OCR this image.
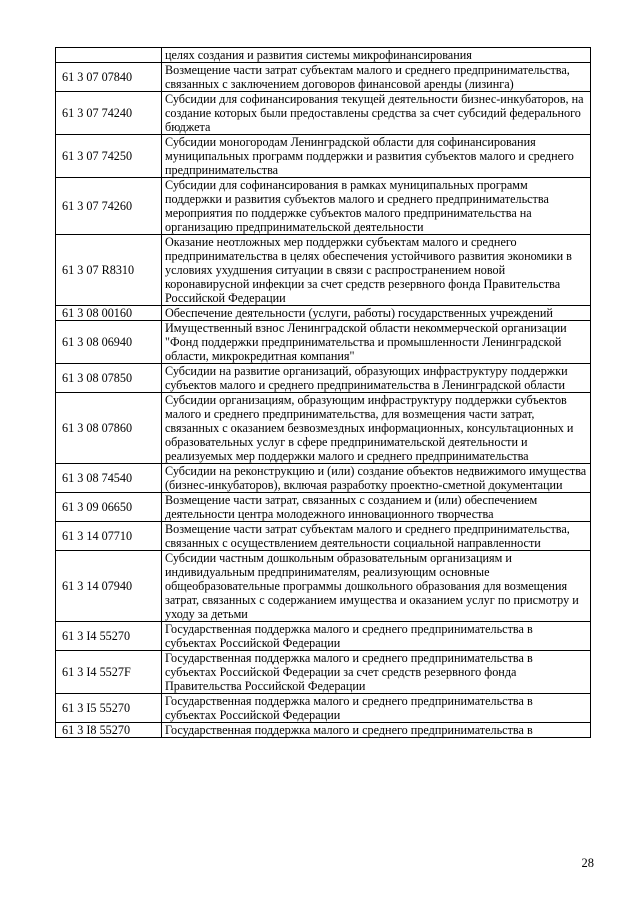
	целях создания и развития системы микрофинансирования
61 3 07 07840	Возмещение части затрат субъектам малого и среднего предпринимательства, связанных с заключением договоров финансовой аренды (лизинга)
61 3 07 74240	Субсидии для софинансирования текущей деятельности бизнес-инкубаторов, на создание которых были предоставлены средства за счет субсидий федерального бюджета
61 3 07 74250	Субсидии моногородам Ленинградской области для софинансирования муниципальных программ поддержки и развития субъектов малого и среднего предпринимательства
61 3 07 74260	Субсидии для софинансирования в рамках муниципальных программ поддержки и развития субъектов малого и среднего предпринимательства мероприятия по поддержке субъектов малого предпринимательства на организацию предпринимательской деятельности
61 3 07 R8310	Оказание неотложных мер поддержки субъектам малого и среднего предпринимательства в целях обеспечения устойчивого развития экономики в условиях ухудшения ситуации в связи с распространением новой коронавирусной инфекции за счет средств резервного фонда Правительства Российской Федерации
61 3 08 00160	Обеспечение деятельности (услуги, работы) государственных учреждений
61 3 08 06940	Имущественный взнос Ленинградской области некоммерческой организации "Фонд поддержки предпринимательства и промышленности Ленинградской области, микрокредитная компания"
61 3 08 07850	Субсидии на развитие организаций, образующих инфраструктуру поддержки субъектов малого и среднего предпринимательства в Ленинградской области
61 3 08 07860	Субсидии организациям, образующим инфраструктуру поддержки субъектов малого и среднего предпринимательства, для возмещения части затрат, связанных с оказанием безвозмездных информационных, консультационных и образовательных услуг в сфере предпринимательской деятельности и реализуемых мер поддержки малого и среднего предпринимательства
61 3 08 74540	Субсидии на реконструкцию и (или) создание объектов недвижимого имущества (бизнес-инкубаторов), включая разработку проектно-сметной документации
61 3 09 06650	Возмещение части затрат, связанных с созданием и (или) обеспечением деятельности центра молодежного инновационного творчества
61 3 14 07710	Возмещение части затрат субъектам малого и среднего предпринимательства, связанных с осуществлением деятельности социальной направленности
61 3 14 07940	Субсидии частным дошкольным образовательным организациям и индивидуальным предпринимателям, реализующим основные общеобразовательные программы дошкольного образования для возмещения затрат, связанных с содержанием имущества и оказанием услуг по присмотру и уходу за детьми
61 3 I4 55270	Государственная поддержка малого и среднего предпринимательства в субъектах Российской Федерации
61 3 I4 5527F	Государственная поддержка малого и среднего предпринимательства в субъектах Российской Федерации за счет средств резервного фонда Правительства Российской Федерации
61 3 I5 55270	Государственная поддержка малого и среднего предпринимательства в субъектах Российской Федерации
61 3 I8 55270	Государственная поддержка малого и среднего предпринимательства в
28
